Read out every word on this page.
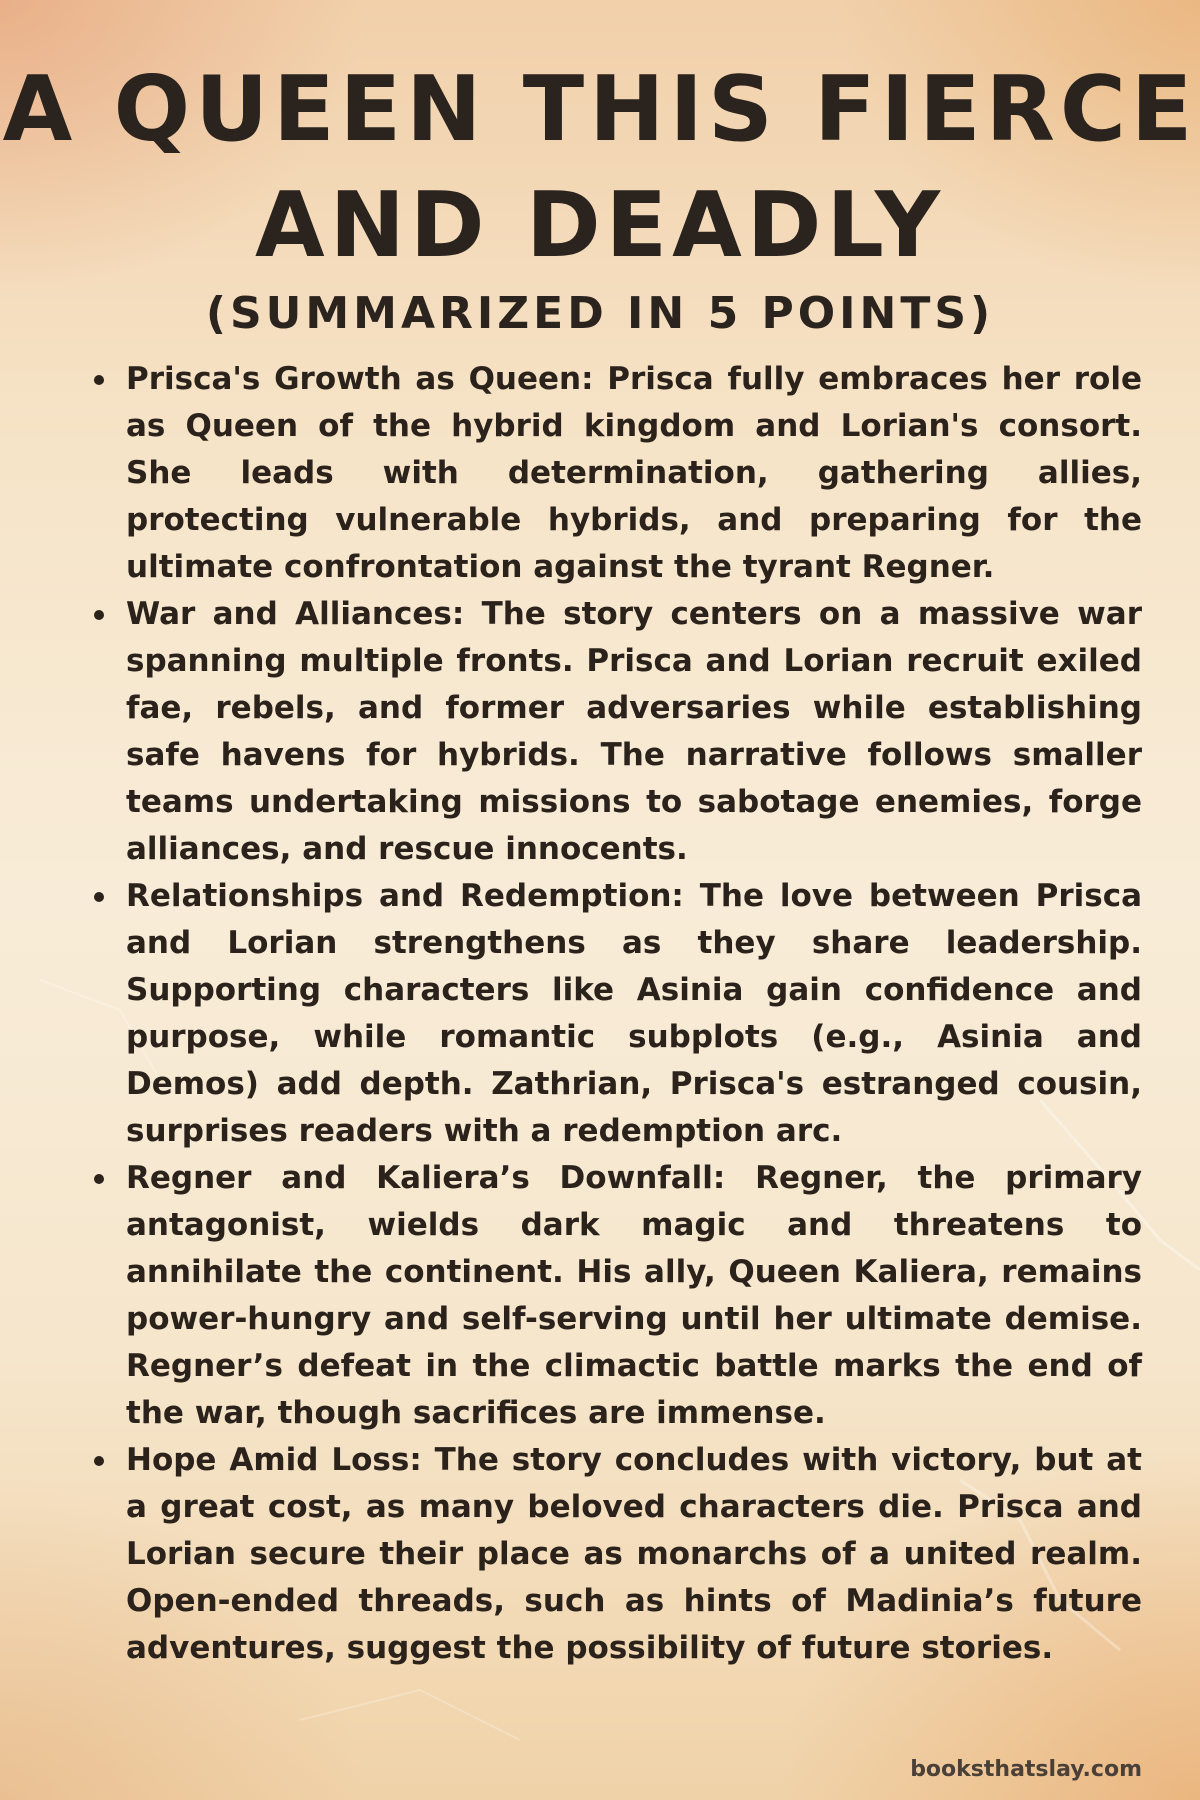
A QUEEN THIS FIERCE
AND DEADLY
(SUMMARIZED IN 5 POINTS)
Prisca's Growth as Queen: Prisca fully embraces her role as Queen of the hybrid kingdom and Lorian's consort. She leads with determination, gathering allies, protecting vulnerable hybrids, and preparing for the ultimate confrontation against the tyrant Regner.
War and Alliances: The story centers on a massive war spanning multiple fronts. Prisca and Lorian recruit exiled fae, rebels, and former adversaries while establishing safe havens for hybrids. The narrative follows smaller teams undertaking missions to sabotage enemies, forge alliances, and rescue innocents.
Relationships and Redemption: The love between Prisca and Lorian strengthens as they share leadership. Supporting characters like Asinia gain confidence and purpose, while romantic subplots (e.g., Asinia and Demos) add depth. Zathrian, Prisca's estranged cousin, surprises readers with a redemption arc.
Regner and Kaliera’s Downfall: Regner, the primary antagonist, wields dark magic and threatens to annihilate the continent. His ally, Queen Kaliera, remains power-hungry and self-serving until her ultimate demise. Regner’s defeat in the climactic battle marks the end of the war, though sacrifices are immense.
Hope Amid Loss: The story concludes with victory, but at a great cost, as many beloved characters die. Prisca and Lorian secure their place as monarchs of a united realm. Open-ended threads, such as hints of Madinia’s future adventures, suggest the possibility of future stories.
booksthatslay.com
